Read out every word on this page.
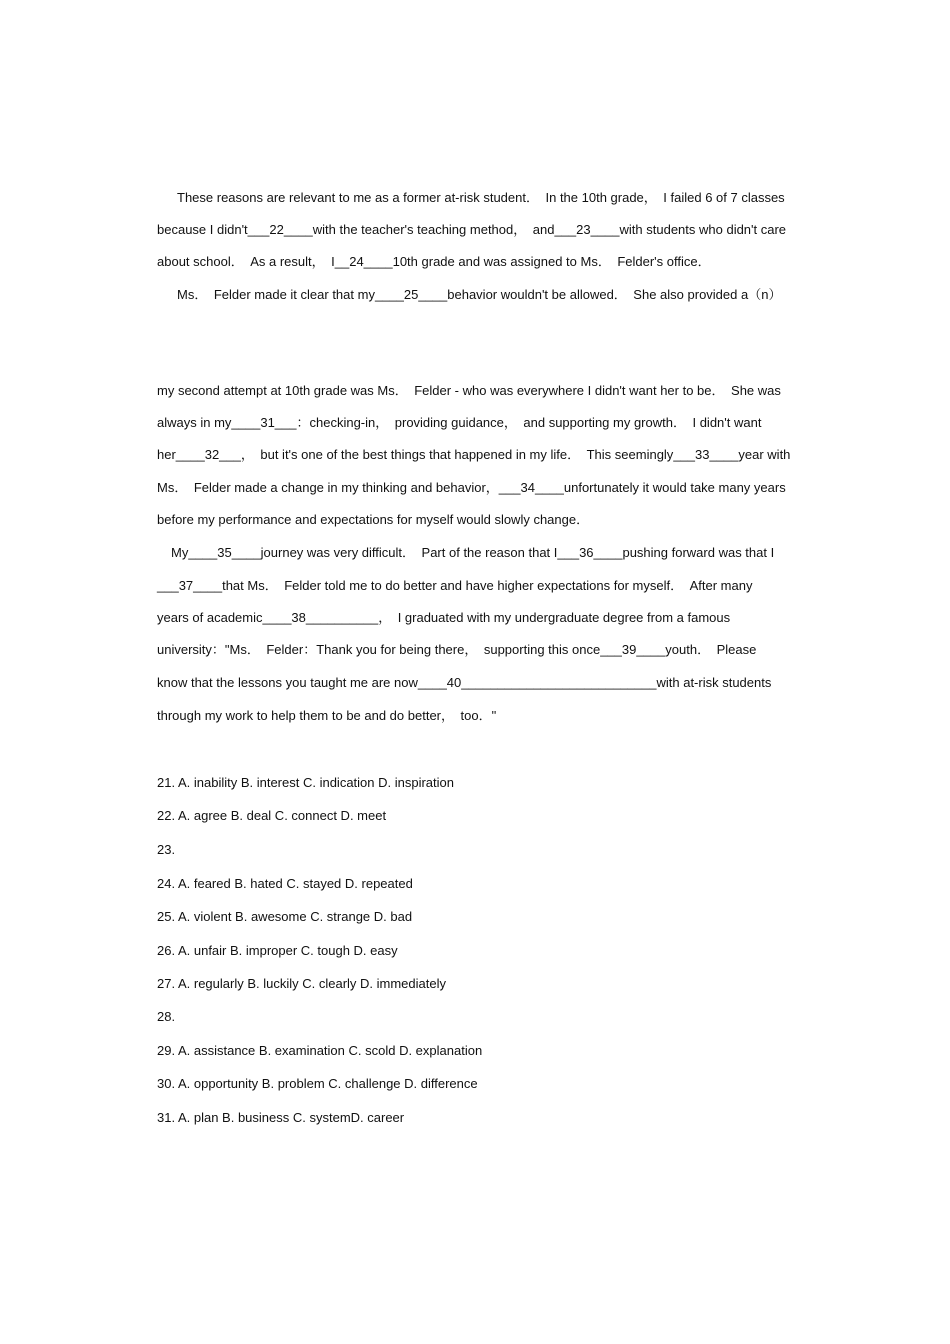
These reasons are relevant to me as a former at-risk student．　In the 10th grade，　I failed 6 of 7 classes
because I didn't___22____with the teacher's teaching method，　and___23____with students who didn't care
about school．　As a result，　I__24____10th grade and was assigned to Ms．　Felder's office．
Ms．　Felder made it clear that my____25____behavior wouldn't be allowed．　She also provided a（n）
my second attempt at 10th grade was Ms．　Felder - who was everywhere I didn't want her to be．　She was
always in my____31___：checking-in，　providing guidance，　and supporting my growth．　I didn't want
her____32___，　but it's one of the best things that happened in my life．　This seemingly___33____year with
Ms．　Felder made a change in my thinking and behavior，___34____unfortunately it would take many years
before my performance and expectations for myself would slowly change．
My____35____journey was very difficult．　Part of the reason that I___36____pushing forward was that I
___37____that Ms．　Felder told me to do better and have higher expectations for myself．　After many
years of academic____38__________，　I graduated with my undergraduate degree from a famous
university："Ms．　Felder：Thank you for being there，　supporting this once___39____youth．　Please
know that the lessons you taught me are now____40___________________________with at-risk students
through my work to help them to be and do better，　too．"
21. A. inability B. interest C. indication D. inspiration
22. A. agree B. deal C. connect D. meet
23.
24. A. feared B. hated C. stayed D. repeated
25. A. violent B. awesome C. strange D. bad
26. A. unfair B. improper C. tough D. easy
27. A. regularly B. luckily C. clearly D. immediately
28.
29. A. assistance B. examination C. scold D. explanation
30. A. opportunity B. problem C. challenge D. difference
31. A. plan B. business C. systemD. career
